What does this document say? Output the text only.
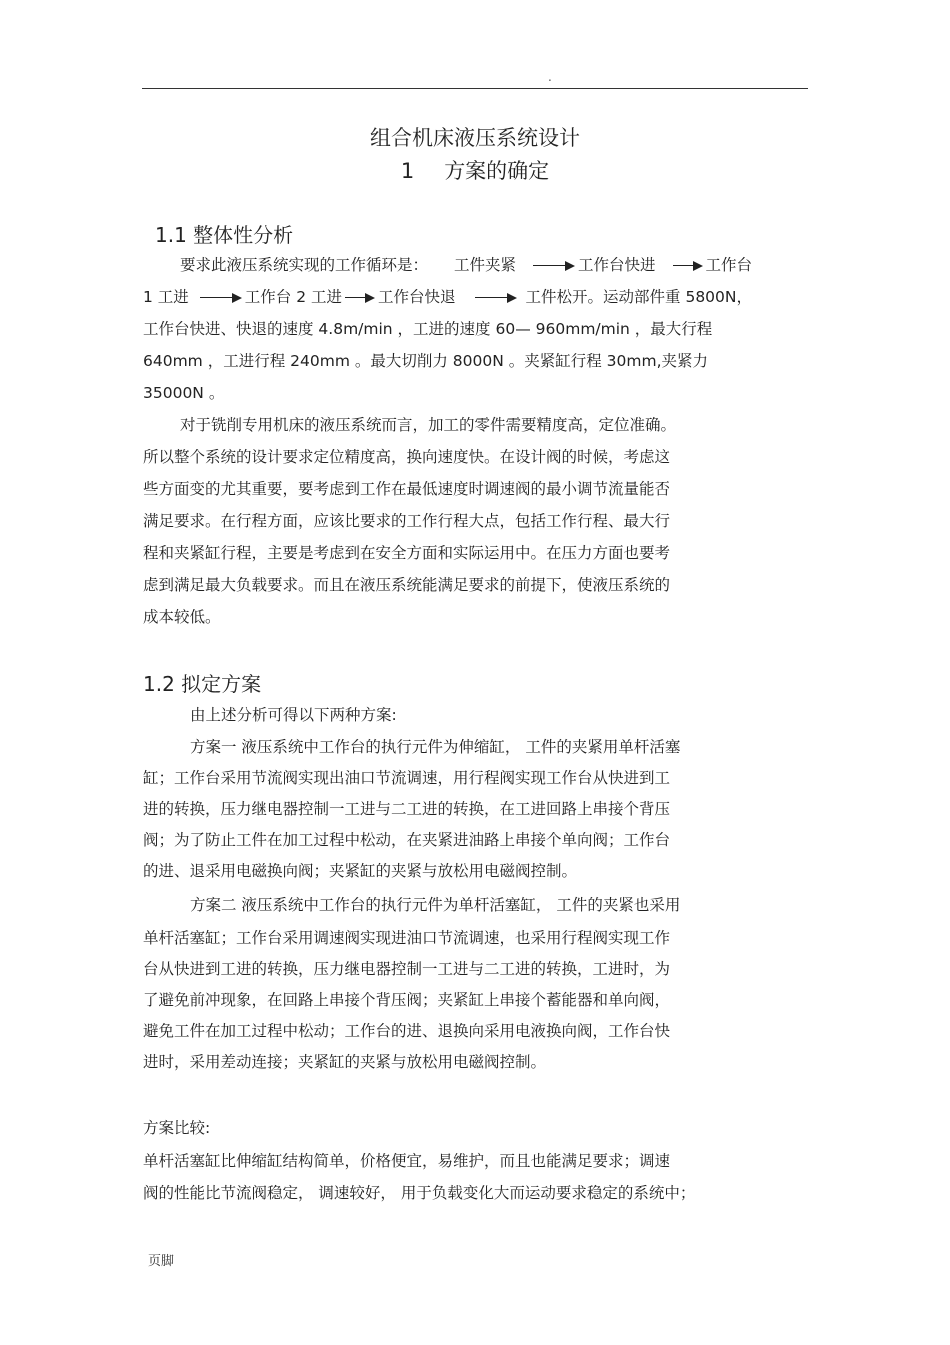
.
组合机床液压系统设计
1 方案的确定
1.1 整体性分析
要求此液压系统实现的工作循环是： 工件夹紧	工作台快进	工作台
1 工进	工作台 2 工进 工作台快退	工件松开。运动部件重 5800N，
工作台快进、快退的速度 4.8m/min ，工进的速度 60— 960mm/min ，最大行程
640mm ，工进行程 240mm 。最大切削力 8000N 。夹紧缸行程 30mm,夹紧力
35000N 。
对于铣削专用机床的液压系统而言，加工的零件需要精度高，定位准确。
所以整个系统的设计要求定位精度高，换向速度快。在设计阀的时候，考虑这
些方面变的尤其重要，要考虑到工作在最低速度时调速阀的最小调节流量能否
满足要求。在行程方面，应该比要求的工作行程大点，包括工作行程、最大行
程和夹紧缸行程，主要是考虑到在安全方面和实际运用中。在压力方面也要考
虑到满足最大负载要求。而且在液压系统能满足要求的前提下，使液压系统的
成本较低。
1.2 拟定方案
由上述分析可得以下两种方案:
方案一 液压系统中工作台的执行元件为伸缩缸， 工件的夹紧用单杆活塞
缸；工作台采用节流阀实现出油口节流调速，用行程阀实现工作台从快进到工
进的转换，压力继电器控制一工进与二工进的转换，在工进回路上串接个背压
阀；为了防止工件在加工过程中松动，在夹紧进油路上串接个单向阀；工作台
的进、退采用电磁换向阀；夹紧缸的夹紧与放松用电磁阀控制。
方案二 液压系统中工作台的执行元件为单杆活塞缸， 工件的夹紧也采用
单杆活塞缸；工作台采用调速阀实现进油口节流调速，也采用行程阀实现工作
台从快进到工进的转换，压力继电器控制一工进与二工进的转换，工进时，为
了避免前冲现象，在回路上串接个背压阀；夹紧缸上串接个蓄能器和单向阀，
避免工件在加工过程中松动；工作台的进、退换向采用电液换向阀，工作台快
进时，采用差动连接；夹紧缸的夹紧与放松用电磁阀控制。
方案比较:
单杆活塞缸比伸缩缸结构简单，价格便宜，易维护，而且也能满足要求；调速
阀的性能比节流阀稳定， 调速较好， 用于负载变化大而运动要求稳定的系统中；
页脚
